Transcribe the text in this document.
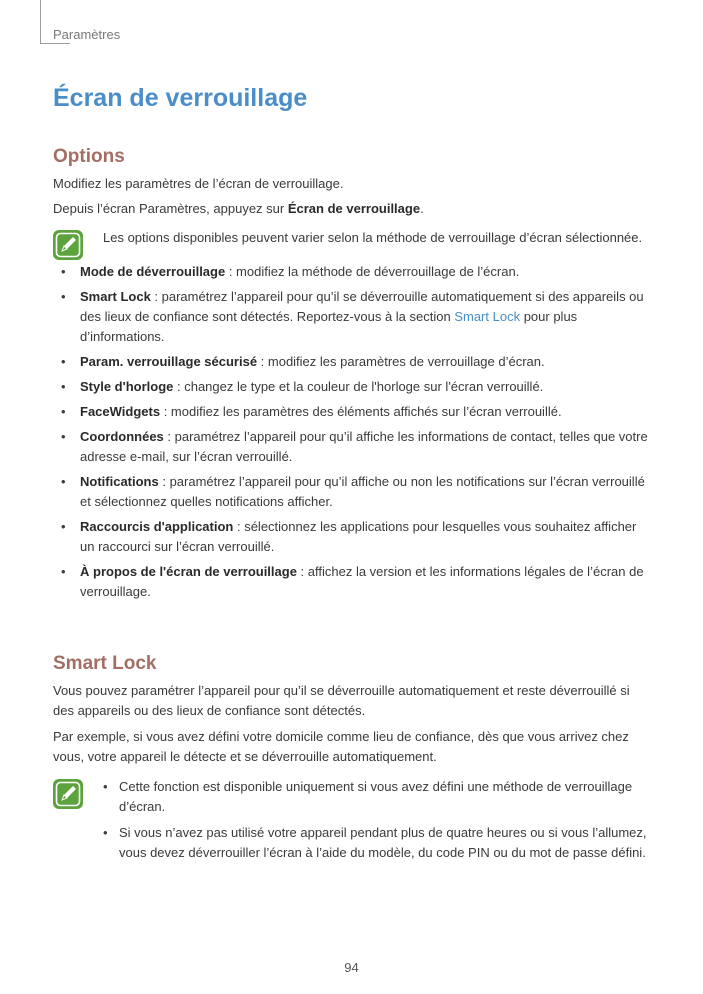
Paramètres
Écran de verrouillage
Options

Modifiez les paramètres de l’écran de verrouillage.

Depuis l’écran Paramètres, appuyez sur Écran de verrouillage.

Les options disponibles peuvent varier selon la méthode de verrouillage d’écran sélectionnée.
• Mode de déverrouillage : modifiez la méthode de déverrouillage de l’écran.
• Smart Lock : paramétrez l’appareil pour qu’il se déverrouille automatiquement si des appareils ou des lieux de confiance sont détectés. Reportez-vous à la section Smart Lock pour plus d’informations.
• Param. verrouillage sécurisé : modifiez les paramètres de verrouillage d’écran.
• Style d'horloge : changez le type et la couleur de l'horloge sur l'écran verrouillé.
• FaceWidgets : modifiez les paramètres des éléments affichés sur l’écran verrouillé.
• Coordonnées : paramétrez l’appareil pour qu’il affiche les informations de contact, telles que votre adresse e-mail, sur l’écran verrouillé.
• Notifications : paramétrez l’appareil pour qu’il affiche ou non les notifications sur l’écran verrouillé et sélectionnez quelles notifications afficher.
• Raccourcis d'application : sélectionnez les applications pour lesquelles vous souhaitez afficher un raccourci sur l’écran verrouillé.
• À propos de l'écran de verrouillage : affichez la version et les informations légales de l’écran de verrouillage.
Smart Lock

Vous pouvez paramétrer l’appareil pour qu’il se déverrouille automatiquement et reste déverrouillé si des appareils ou des lieux de confiance sont détectés.

Par exemple, si vous avez défini votre domicile comme lieu de confiance, dès que vous arrivez chez vous, votre appareil le détecte et se déverrouille automatiquement.

• Cette fonction est disponible uniquement si vous avez défini une méthode de verrouillage d’écran.
• Si vous n’avez pas utilisé votre appareil pendant plus de quatre heures ou si vous l’allumez, vous devez déverrouiller l’écran à l’aide du modèle, du code PIN ou du mot de passe défini.
94
